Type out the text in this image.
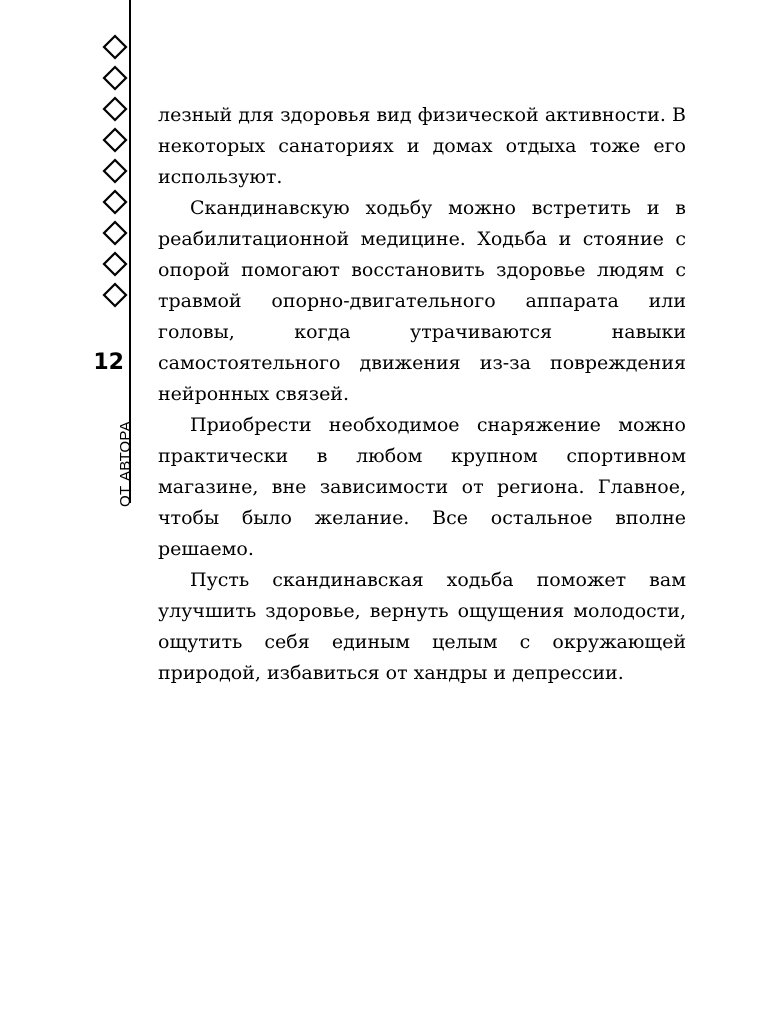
12
ОТ АВТОРА

лезный для здоровья вид физической активности. В некоторых санаториях и домах отдыха тоже его используют.

Скандинавскую ходьбу можно встретить и в реабилитационной медицине. Ходьба и стояние с опорой помогают восстановить здоровье людям с травмой опорно-двигательного аппарата или головы, когда утрачиваются навыки самостоятельного движения из-за повреждения нейронных связей.

Приобрести необходимое снаряжение можно практически в любом крупном спортивном магазине, вне зависимости от региона. Главное, чтобы было желание. Все остальное вполне решаемо.

Пусть скандинавская ходьба поможет вам улучшить здоровье, вернуть ощущения молодости, ощутить себя единым целым с окружающей природой, избавиться от хандры и депрессии.
